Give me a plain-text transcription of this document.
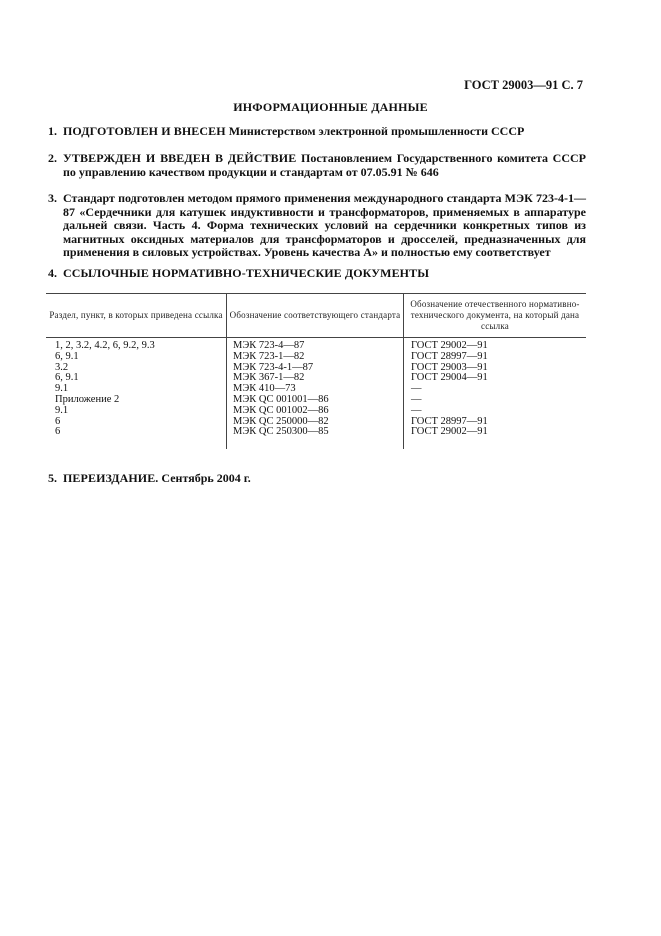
ГОСТ 29003—91 С. 7
ИНФОРМАЦИОННЫЕ ДАННЫЕ
1. ПОДГОТОВЛЕН И ВНЕСЕН Министерством электронной промышленности СССР
2. УТВЕРЖДЕН И ВВЕДЕН В ДЕЙСТВИЕ Постановлением Государственного комитета СССР по управлению качеством продукции и стандартам от 07.05.91 № 646
3. Стандарт подготовлен методом прямого применения международного стандарта МЭК 723-4-1—87 «Сердечники для катушек индуктивности и трансформаторов, применяемых в аппаратуре дальней связи. Часть 4. Форма технических условий на сердечники конкретных типов из магнитных оксидных материалов для трансформаторов и дросселей, предназначенных для применения в силовых устройствах. Уровень качества А» и полностью ему соответствует
4. ССЫЛОЧНЫЕ НОРМАТИВНО-ТЕХНИЧЕСКИЕ ДОКУМЕНТЫ
Раздел, пункт, в которых приведена ссылка Обозначение соответствующего стандарта
Обозначение отечественного нормативно-технического документа, на который дана ссылка
1, 2, 3.2, 4.2, 6, 9.2, 9.3
6, 9.1
3.2
6, 9.1
9.1
Приложение 2
9.1
6
6
МЭК 723-4—87
МЭК 723-1—82
МЭК 723-4-1—87
МЭК 367-1—82
МЭК 410—73
МЭК QC 001001—86
МЭК QC 001002—86
МЭК QC 250000—82
МЭК QC 250300—85
ГОСТ 29002—91
ГОСТ 28997—91
ГОСТ 29003—91
ГОСТ 29004—91
—
—
—
ГОСТ 28997—91
ГОСТ 29002—91
5. ПЕРЕИЗДАНИЕ. Сентябрь 2004 г.
